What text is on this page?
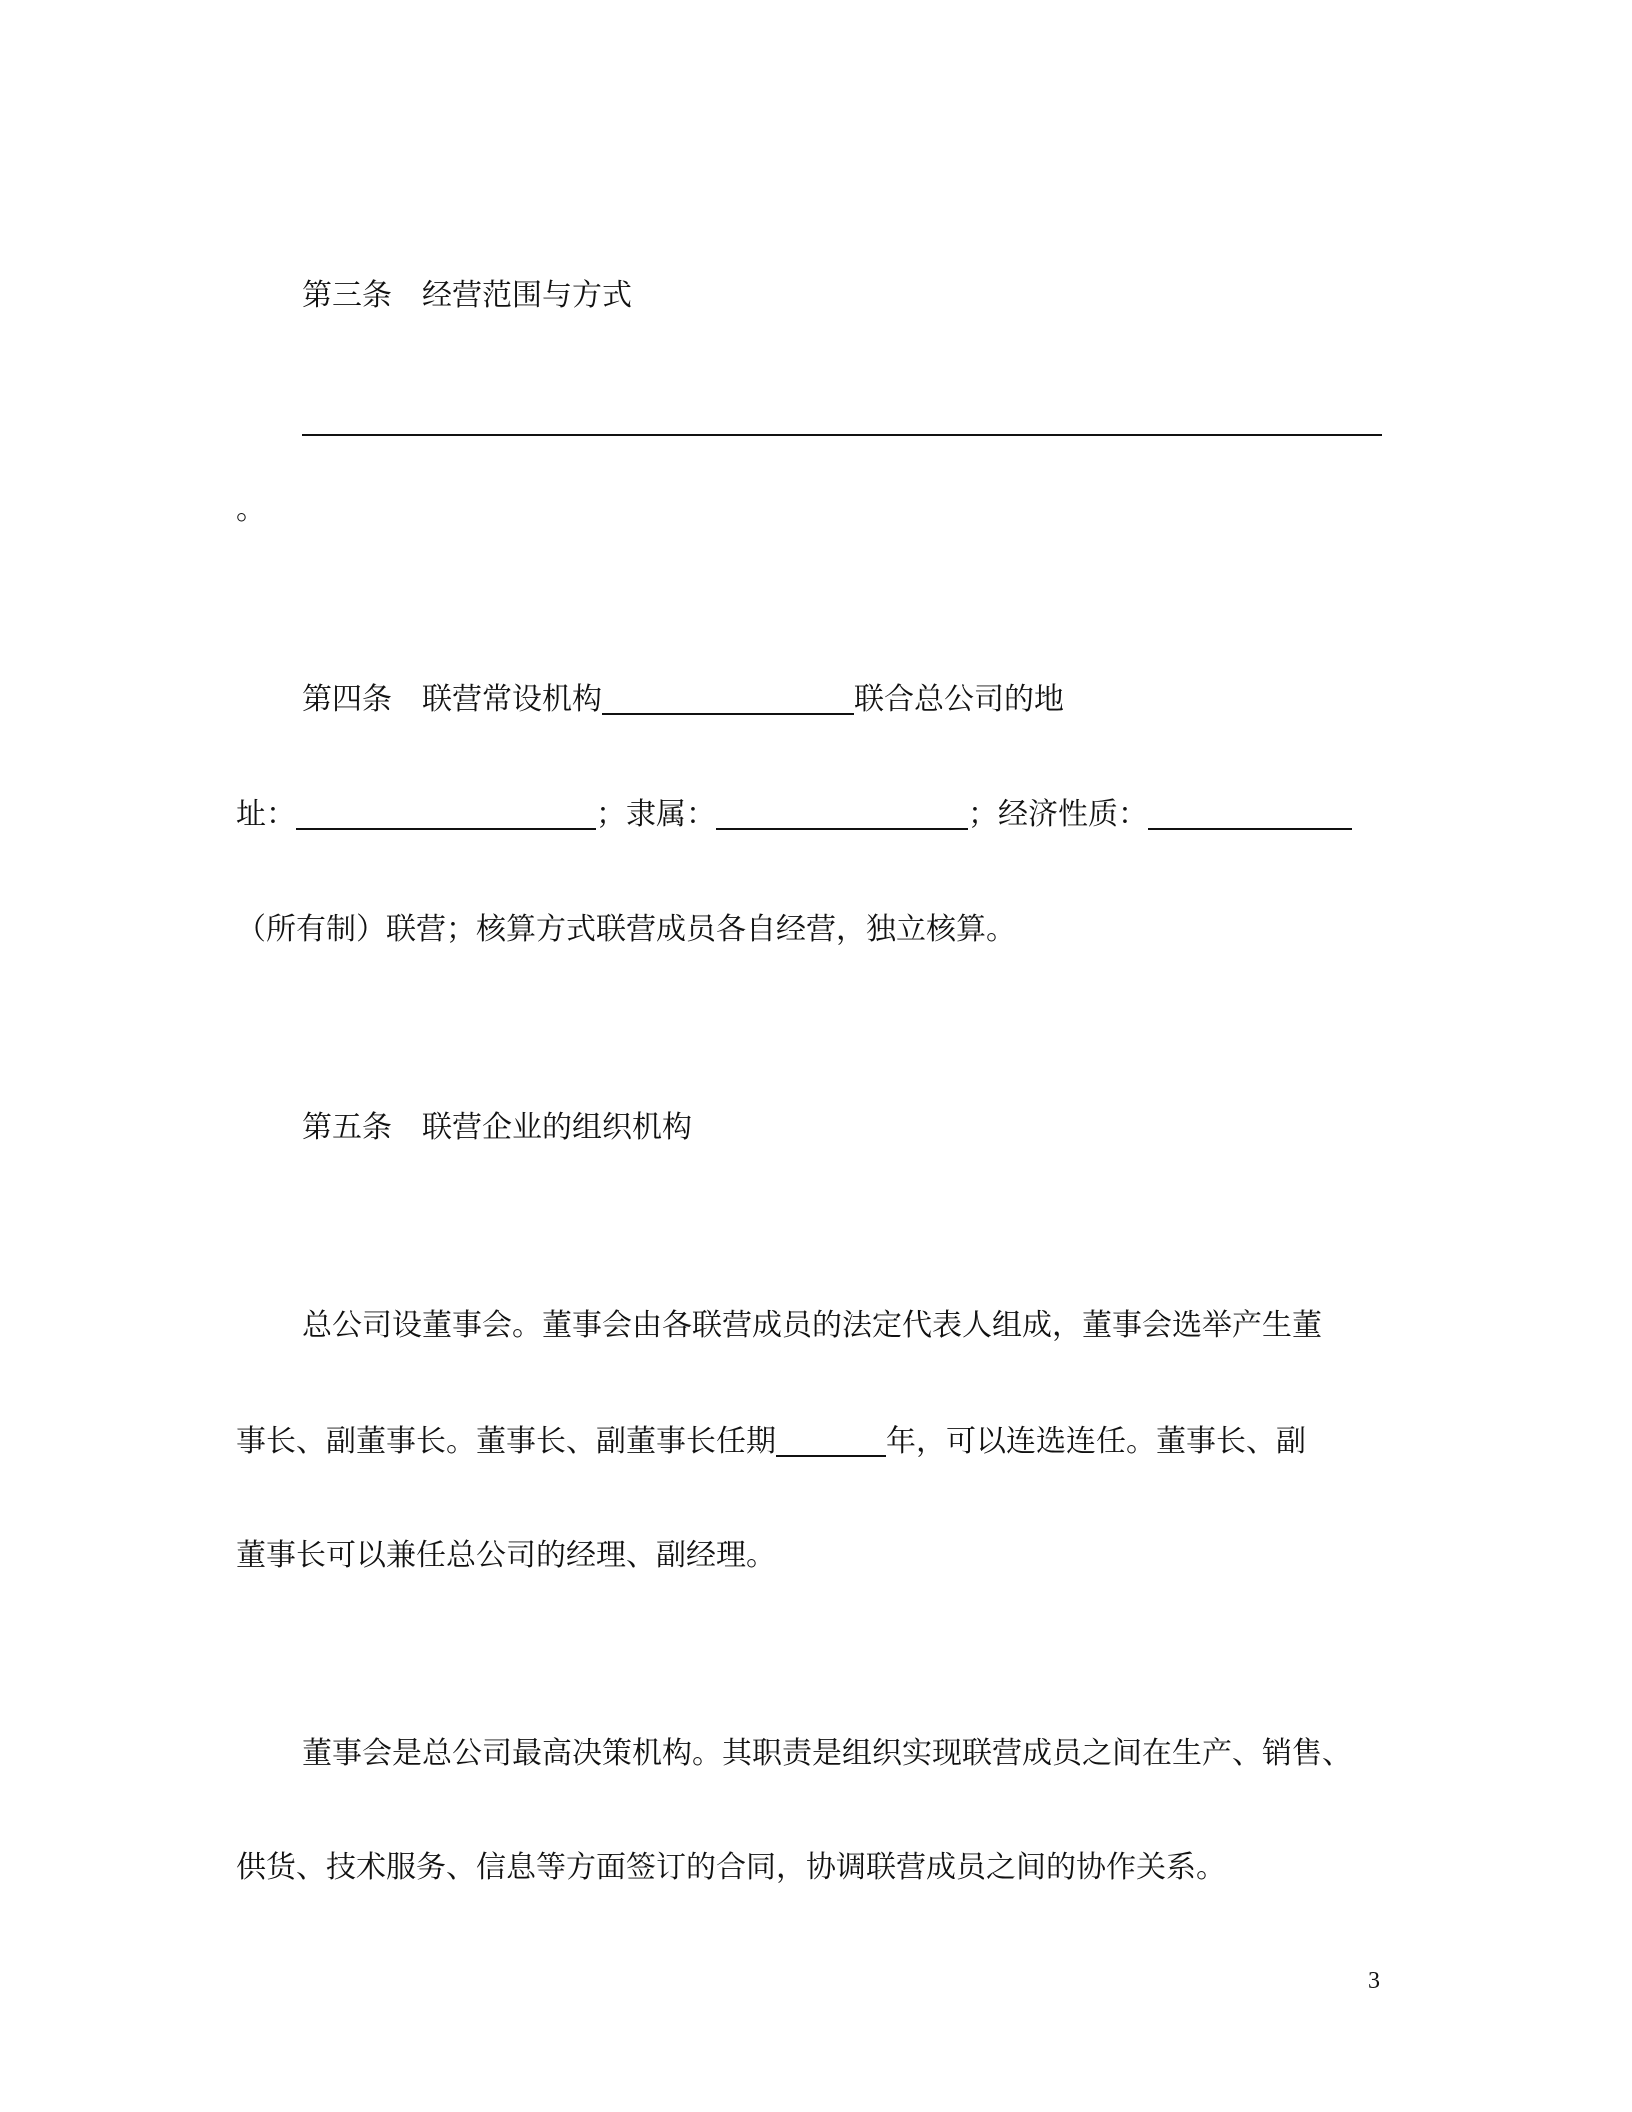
第三条　经营范围与方式
。
第四条　联营常设机构	联合总公司的地
址：	；隶属：	；经济性质：
（所有制）联营；核算方式联营成员各自经营，独立核算。
第五条　联营企业的组织机构
总公司设董事会。董事会由各联营成员的法定代表人组成，董事会选举产生董
事长、副董事长。董事长、副董事长任期	年，可以连选连任。董事长、副
董事长可以兼任总公司的经理、副经理。
董事会是总公司最高决策机构。其职责是组织实现联营成员之间在生产、销售、
供货、技术服务、信息等方面签订的合同，协调联营成员之间的协作关系。
3
